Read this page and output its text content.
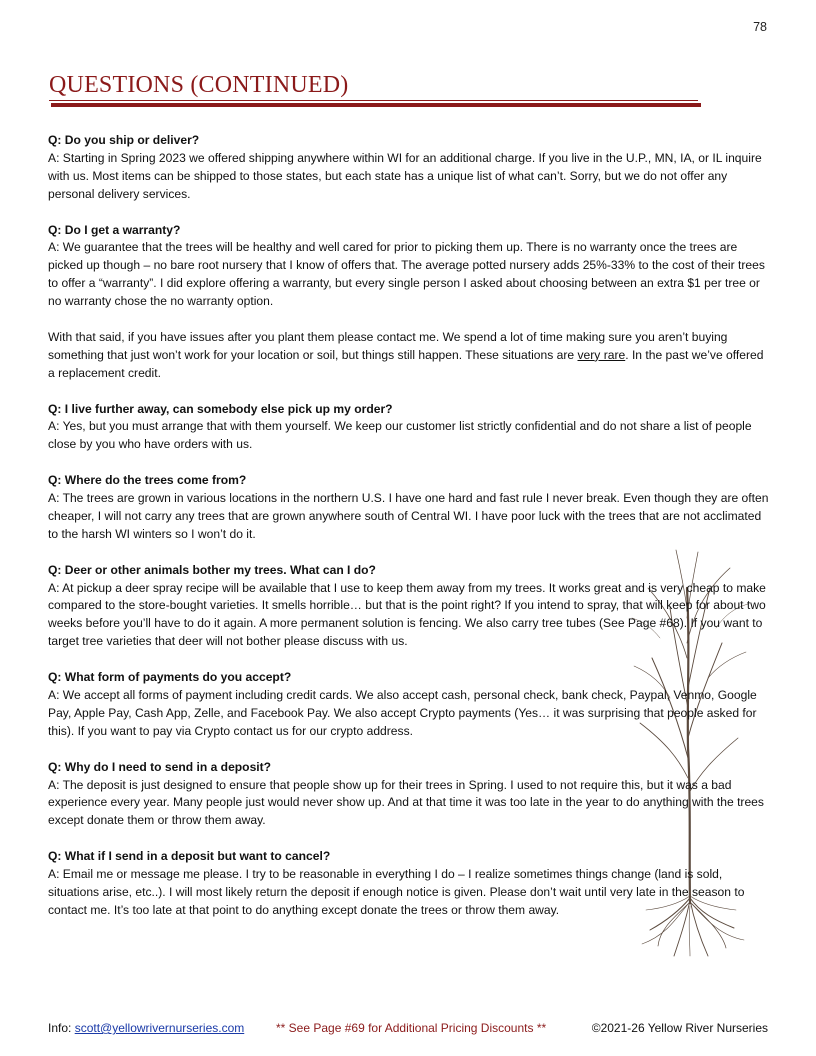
78
QUESTIONS (CONTINUED)
Q: Do you ship or deliver?
A: Starting in Spring 2023 we offered shipping anywhere within WI for an additional charge. If you live in the U.P., MN, IA, or IL inquire with us. Most items can be shipped to those states, but each state has a unique list of what can’t. Sorry, but we do not offer any personal delivery services.
Q: Do I get a warranty?
A: We guarantee that the trees will be healthy and well cared for prior to picking them up. There is no warranty once the trees are picked up though – no bare root nursery that I know of offers that. The average potted nursery adds 25%-33% to the cost of their trees to offer a “warranty”. I did explore offering a warranty, but every single person I asked about choosing between an extra $1 per tree or no warranty chose the no warranty option.

With that said, if you have issues after you plant them please contact me. We spend a lot of time making sure you aren’t buying something that just won’t work for your location or soil, but things still happen. These situations are very rare. In the past we’ve offered a replacement credit.

Q: I live further away, can somebody else pick up my order?
A: Yes, but you must arrange that with them yourself. We keep our customer list strictly confidential and do not share a list of people close by you who have orders with us.
Q: Where do the trees come from?
A: The trees are grown in various locations in the northern U.S. I have one hard and fast rule I never break. Even though they are often cheaper, I will not carry any trees that are grown anywhere south of Central WI. I have poor luck with the trees that are not acclimated to the harsh WI winters so I won’t do it.
Q: Deer or other animals bother my trees. What can I do?
A: At pickup a deer spray recipe will be available that I use to keep them away from my trees. It works great and is very cheap to make compared to the store-bought varieties. It smells horrible… but that is the point right? If you intend to spray, that will keep for about two weeks before you’ll have to do it again. A more permanent solution is fencing. We also carry tree tubes (See Page #68). If you want to target tree varieties that deer will not bother please discuss with us.
Q: What form of payments do you accept?
A: We accept all forms of payment including credit cards. We also accept cash, personal check, bank check, Paypal, Venmo, Google Pay, Apple Pay, Cash App, Zelle, and Facebook Pay. We also accept Crypto payments (Yes… it was surprising that people asked for this). If you want to pay via Crypto contact us for our crypto address.
Q: Why do I need to send in a deposit?
A: The deposit is just designed to ensure that people show up for their trees in Spring. I used to not require this, but it was a bad experience every year. Many people just would never show up. And at that time it was too late in the year to do anything with the trees except donate them or throw them away.
Q: What if I send in a deposit but want to cancel?
A: Email me or message me please. I try to be reasonable in everything I do – I realize sometimes things change (land is sold, situations arise, etc..). I will most likely return the deposit if enough notice is given. Please don’t wait until very late in the season to contact me. It’s too late at that point to do anything except donate the trees or throw them away.
Info: scott@yellowrivernurseries.com	** See Page #69 for Additional Pricing Discounts **	©2021-26 Yellow River Nurseries
